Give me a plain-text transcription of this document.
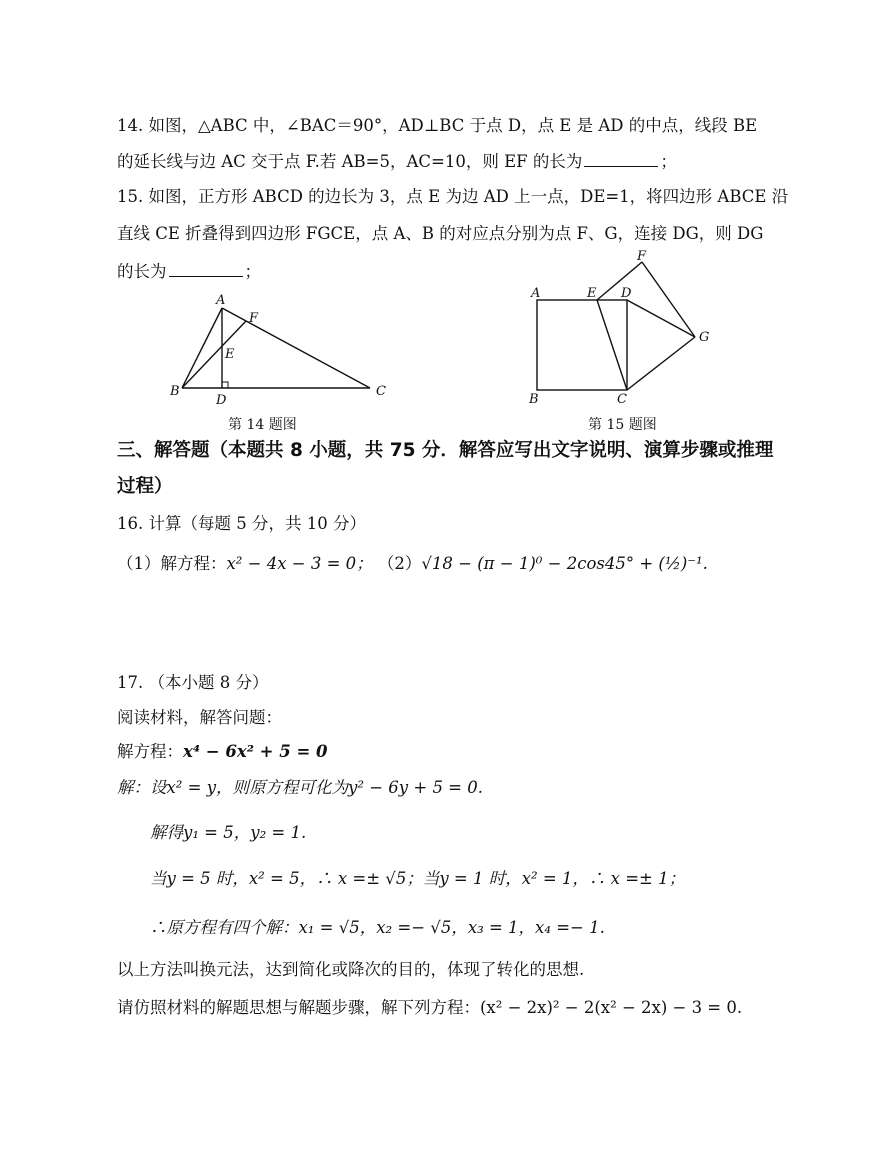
14. 如图，△ABC 中，∠BAC＝90°，AD⊥BC 于点 D，点 E 是 AD 的中点，线段 BE
的延长线与边 AC 交于点 F.若 AB=5，AC=10，则 EF 的长为	；
15. 如图，正方形 ABCD 的边长为 3，点 E 为边 AD 上一点，DE=1，将四边形 ABCE 沿
直线 CE 折叠得到四边形 FGCE，点 A、B 的对应点分别为点 F、G，连接 DG，则 DG
的长为	；
A
B	C
D
E
F
第 14 题图
A	E D
F
G
B	C
第 15 题图
三、解答题（本题共 8 小题，共 75 分．解答应写出文字说明、演算步骤或推理
过程）
16. 计算（每题 5 分，共 10 分）
（1）解方程：x² − 4x − 3 = 0； （2）√18 − (π − 1)⁰ − 2cos45° + (½)⁻¹.
17. （本小题 8 分）
阅读材料，解答问题：
解方程：x⁴ − 6x² + 5 = 0
解：设x² = y，则原方程可化为y² − 6y + 5 = 0.
解得y₁ = 5，y₂ = 1.
当y = 5 时，x² = 5，∴ x =± √5；当y = 1 时，x² = 1，∴ x =± 1；
∴原方程有四个解：x₁ = √5，x₂ =− √5，x₃ = 1，x₄ =− 1.
以上方法叫换元法，达到简化或降次的目的，体现了转化的思想.
请仿照材料的解题思想与解题步骤，解下列方程：(x² − 2x)² − 2(x² − 2x) − 3 = 0.
